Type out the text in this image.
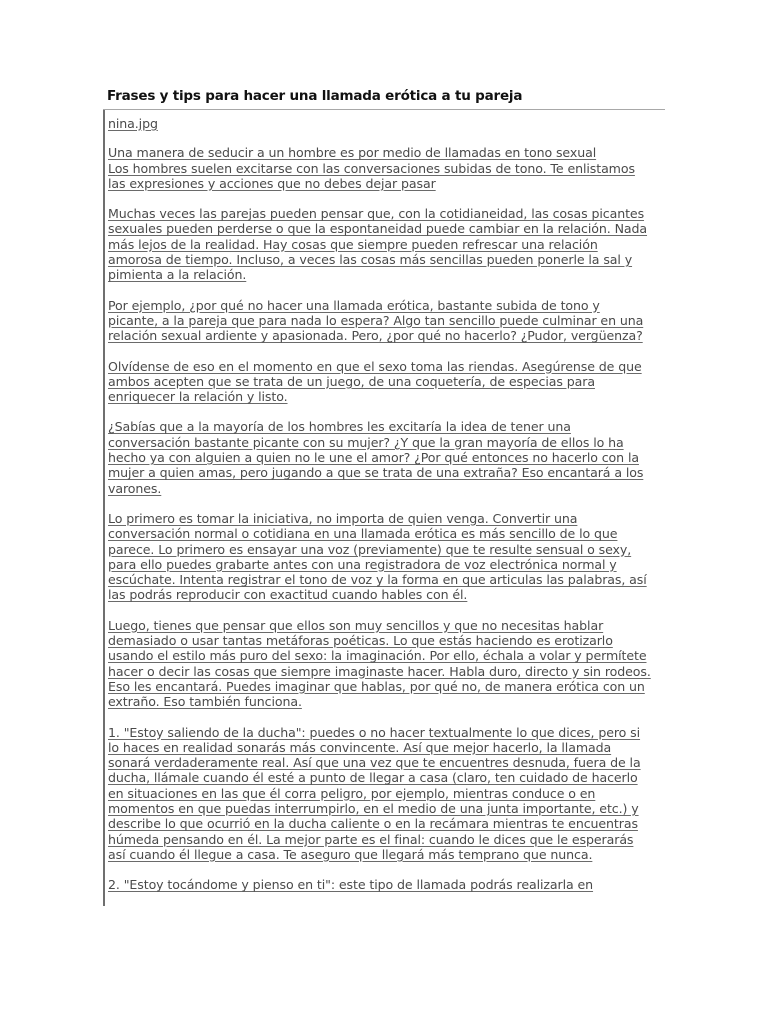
Frases y tips para hacer una llamada erótica a tu pareja

nina.jpg

Una manera de seducir a un hombre es por medio de llamadas en tono sexual
Los hombres suelen excitarse con las conversaciones subidas de tono. Te enlistamos
las expresiones y acciones que no debes dejar pasar

Muchas veces las parejas pueden pensar que, con la cotidianeidad, las cosas picantes
sexuales pueden perderse o que la espontaneidad puede cambiar en la relación. Nada
más lejos de la realidad. Hay cosas que siempre pueden refrescar una relación
amorosa de tiempo. Incluso, a veces las cosas más sencillas pueden ponerle la sal y
pimienta a la relación.

Por ejemplo, ¿por qué no hacer una llamada erótica, bastante subida de tono y
picante, a la pareja que para nada lo espera? Algo tan sencillo puede culminar en una
relación sexual ardiente y apasionada. Pero, ¿por qué no hacerlo? ¿Pudor, vergüenza?

Olvídense de eso en el momento en que el sexo toma las riendas. Asegúrense de que
ambos acepten que se trata de un juego, de una coquetería, de especias para
enriquecer la relación y listo.

¿Sabías que a la mayoría de los hombres les excitaría la idea de tener una
conversación bastante picante con su mujer? ¿Y que la gran mayoría de ellos lo ha
hecho ya con alguien a quien no le une el amor? ¿Por qué entonces no hacerlo con la
mujer a quien amas, pero jugando a que se trata de una extraña? Eso encantará a los
varones.

Lo primero es tomar la iniciativa, no importa de quien venga. Convertir una
conversación normal o cotidiana en una llamada erótica es más sencillo de lo que
parece. Lo primero es ensayar una voz (previamente) que te resulte sensual o sexy,
para ello puedes grabarte antes con una registradora de voz electrónica normal y
escúchate. Intenta registrar el tono de voz y la forma en que articulas las palabras, así
las podrás reproducir con exactitud cuando hables con él.

Luego, tienes que pensar que ellos son muy sencillos y que no necesitas hablar
demasiado o usar tantas metáforas poéticas. Lo que estás haciendo es erotizarlo
usando el estilo más puro del sexo: la imaginación. Por ello, échala a volar y permítete
hacer o decir las cosas que siempre imaginaste hacer. Habla duro, directo y sin rodeos.
Eso les encantará. Puedes imaginar que hablas, por qué no, de manera erótica con un
extraño. Eso también funciona.

1. "Estoy saliendo de la ducha": puedes o no hacer textualmente lo que dices, pero si
lo haces en realidad sonarás más convincente. Así que mejor hacerlo, la llamada
sonará verdaderamente real. Así que una vez que te encuentres desnuda, fuera de la
ducha, llámale cuando él esté a punto de llegar a casa (claro, ten cuidado de hacerlo
en situaciones en las que él corra peligro, por ejemplo, mientras conduce o en
momentos en que puedas interrumpirlo, en el medio de una junta importante, etc.) y
describe lo que ocurrió en la ducha caliente o en la recámara mientras te encuentras
húmeda pensando en él. La mejor parte es el final: cuando le dices que le esperarás
así cuando él llegue a casa. Te aseguro que llegará más temprano que nunca.

2. "Estoy tocándome y pienso en ti": este tipo de llamada podrás realizarla en
